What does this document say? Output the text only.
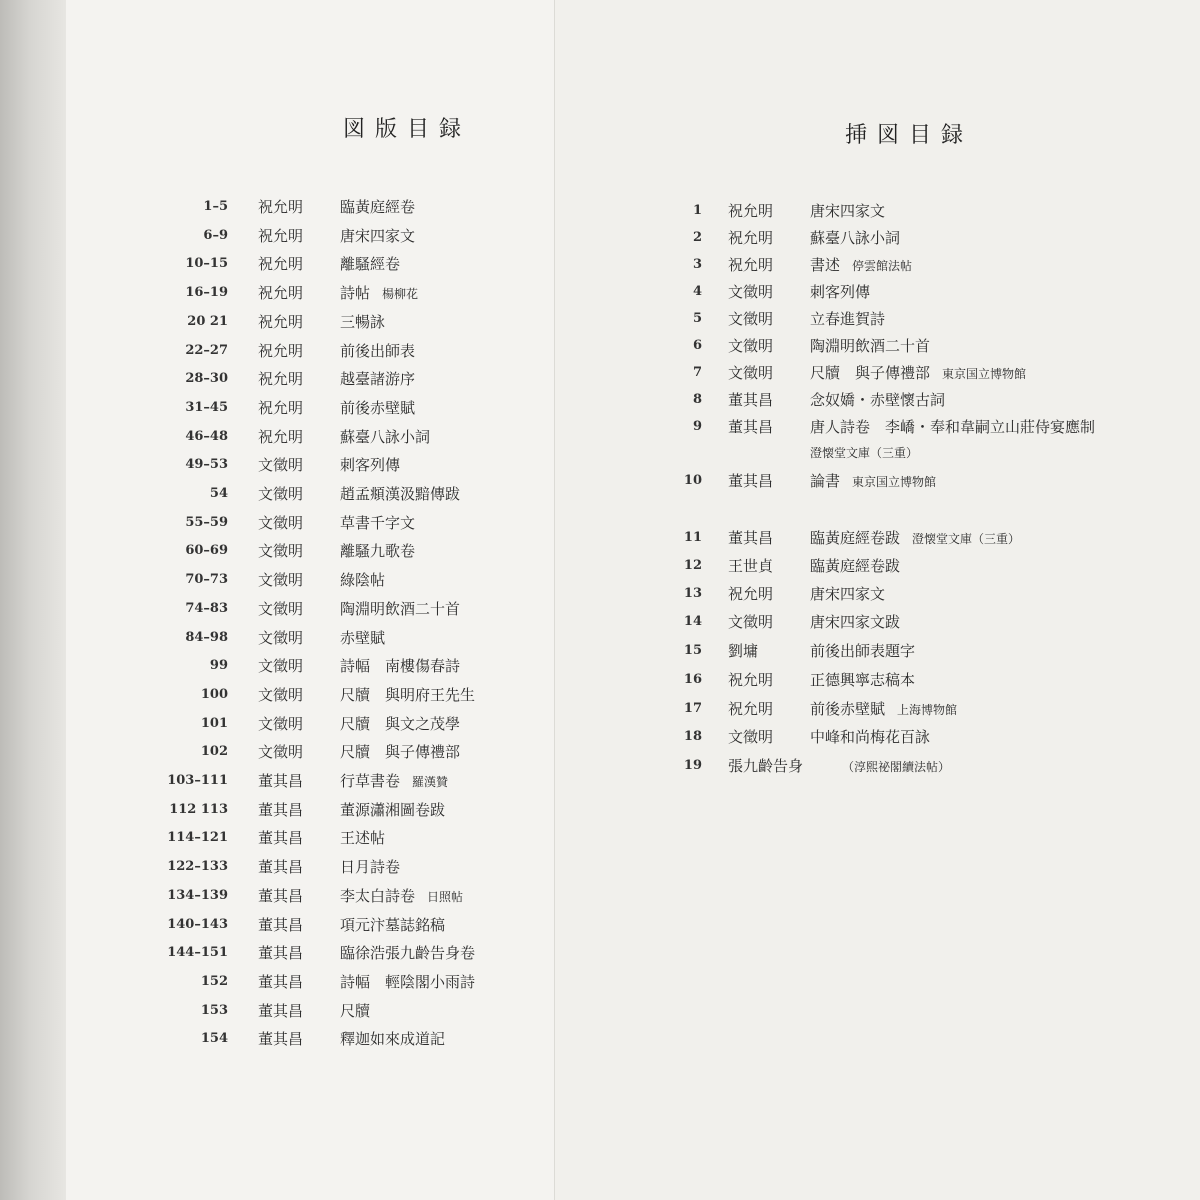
図版目録	挿図目録
1–5 祝允明 臨黃庭經卷
6–9 祝允明 唐宋四家文
10–15 祝允明 離騷經卷
16–19 祝允明 詩帖 楊柳花
20 21 祝允明 三暢詠
22–27 祝允明 前後出師表
28–30 祝允明 越臺諸游序
31–45 祝允明 前後赤壁賦
46–48 祝允明 蘇臺八詠小詞
49–53 文徵明 刺客列傳
54 文徵明 趙孟頫漢汲黯傳跋
55–59 文徵明 草書千字文
60–69 文徵明 離騷九歌卷
70–73 文徵明 綠陰帖
74–83 文徵明 陶淵明飲酒二十首
84–98 文徵明 赤壁賦
99 文徵明 詩幅　南樓傷春詩
100 文徵明 尺牘　與明府王先生
101 文徵明 尺牘　與文之茂學
102 文徵明 尺牘　與子傳禮部
103–111 董其昌 行草書卷 羅漢贊
112 113 董其昌 董源瀟湘圖卷跋
114–121 董其昌 王述帖
122–133 董其昌 日月詩卷
134–139 董其昌 李太白詩卷 日照帖
140–143 董其昌 項元汴墓誌銘稿
144–151 董其昌 臨徐浩張九齡告身卷
152 董其昌 詩幅　輕陰閣小雨詩
153 董其昌 尺牘
154 董其昌 釋迦如來成道記
1 祝允明 唐宋四家文
2 祝允明 蘇臺八詠小詞
3 祝允明 書述 停雲館法帖
4 文徵明 刺客列傳
5 文徵明 立春進賀詩
6 文徵明 陶淵明飲酒二十首
7 文徵明 尺牘　與子傳禮部 東京国立博物館
8 董其昌 念奴嬌・赤壁懷古詞
9 董其昌 唐人詩卷　李嶠・奉和韋嗣立山莊侍宴應制
澄懐堂文庫（三重）
10 董其昌 論書 東京国立博物館
11 董其昌 臨黃庭經卷跋 澄懐堂文庫（三重）
12 王世貞 臨黃庭經卷跋
13 祝允明 唐宋四家文
14 文徵明 唐宋四家文跋
15 劉墉	前後出師表題字
16 祝允明 正德興寧志稿本
17 祝允明 前後赤壁賦 上海博物館
18 文徵明 中峰和尚梅花百詠
19 張九齡告身	（淳熙祕閣續法帖）
